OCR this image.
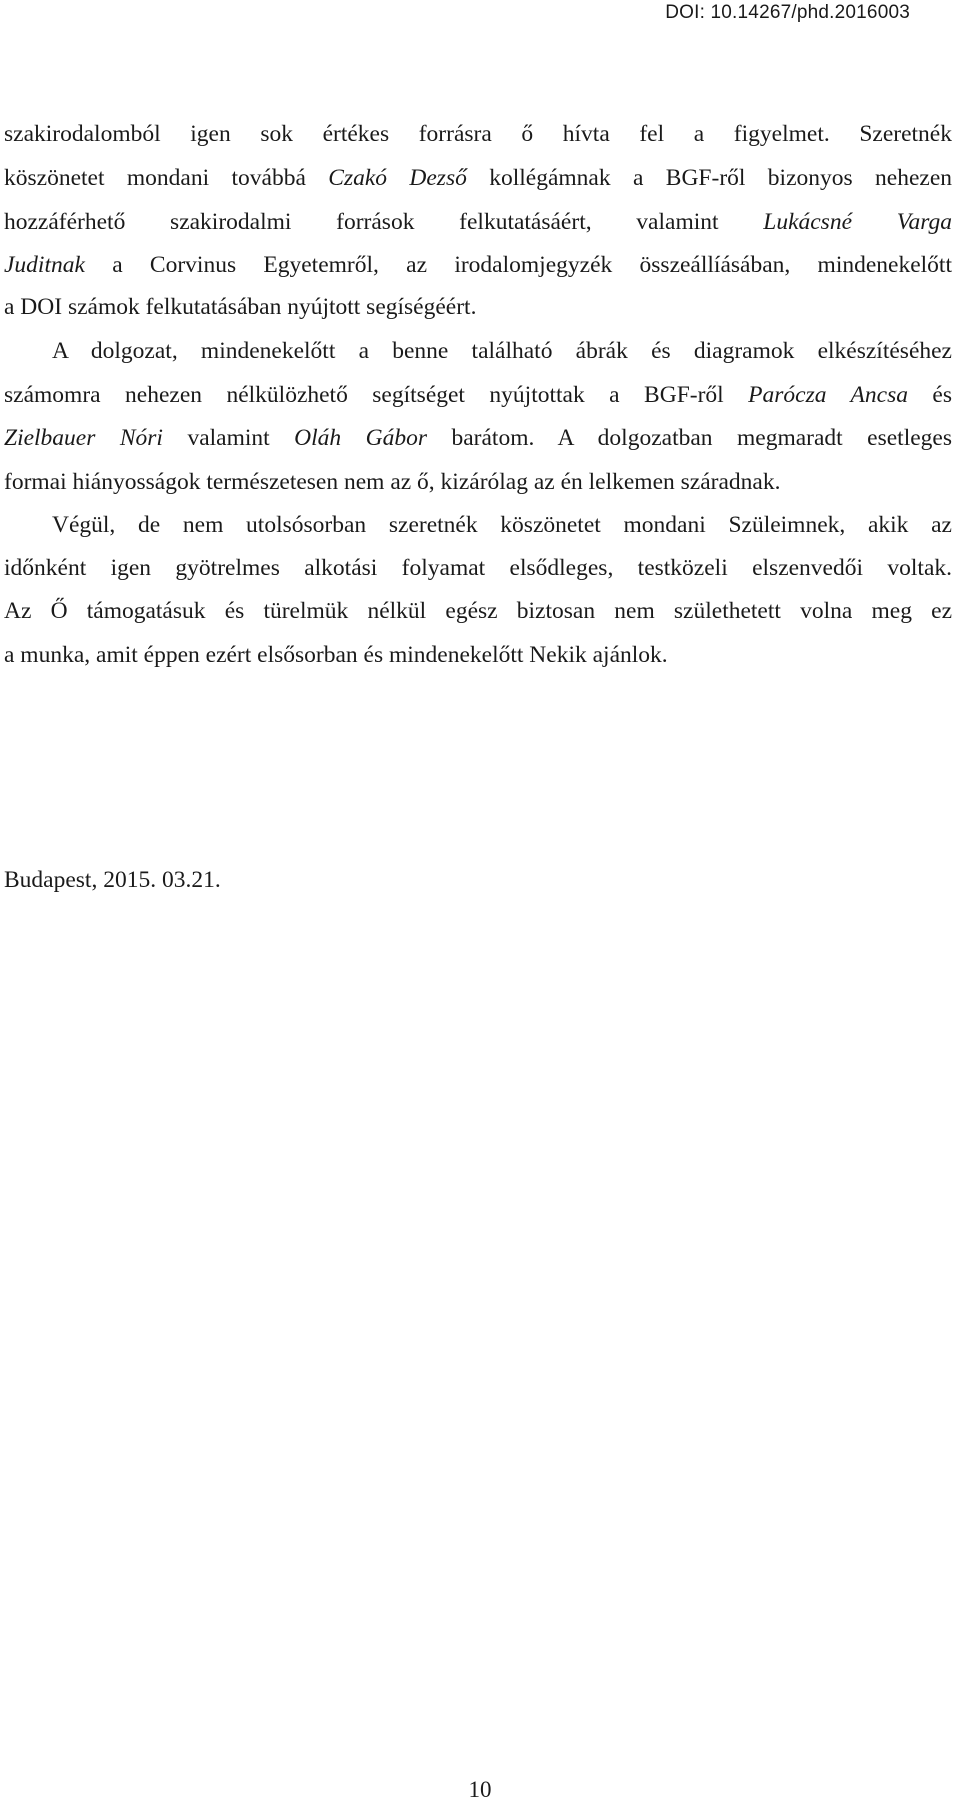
DOI: 10.14267/phd.2016003
szakirodalomból igen sok értékes forrásra ő hívta fel a figyelmet. Szeretnék
köszönetet mondani továbbá Czakó Dezső kollégámnak a BGF-ről bizonyos nehezen
hozzáférhető szakirodalmi források felkutatásáért, valamint Lukácsné Varga
Juditnak a Corvinus Egyetemről, az irodalomjegyzék összeállíásában, mindenekelőtt
a DOI számok felkutatásában nyújtott segíségéért.
A dolgozat, mindenekelőtt a benne található ábrák és diagramok elkészítéséhez
számomra nehezen nélkülözhető segítséget nyújtottak a BGF-ről Parócza Ancsa és
Zielbauer Nóri valamint Oláh Gábor barátom. A dolgozatban megmaradt esetleges
formai hiányosságok természetesen nem az ő, kizárólag az én lelkemen száradnak.
Végül, de nem utolsósorban szeretnék köszönetet mondani Szüleimnek, akik az
időnként igen gyötrelmes alkotási folyamat elsődleges, testközeli elszenvedői voltak.
Az Ő támogatásuk és türelmük nélkül egész biztosan nem születhetett volna meg ez
a munka, amit éppen ezért elsősorban és mindenekelőtt Nekik ajánlok.
Budapest, 2015. 03.21.
10
